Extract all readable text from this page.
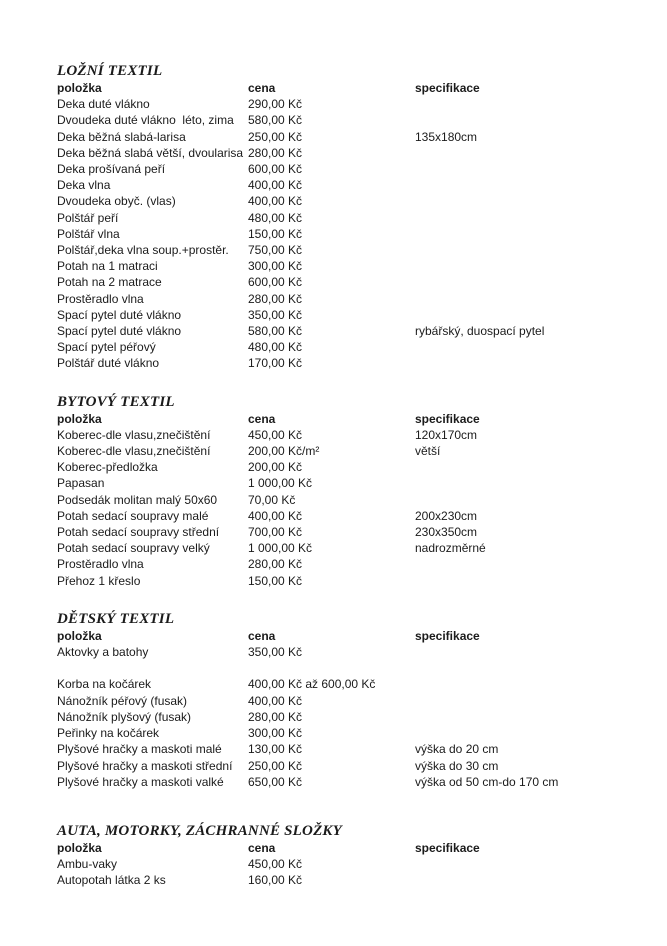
LOŽNÍ TEXTIL
položka	cena	specifikace
Deka duté vlákno	290,00 Kč
Dvoudeka duté vlákno  léto, zima	580,00 Kč
Deka běžná slabá-larisa	250,00 Kč	135x180cm
Deka běžná slabá větší, dvoularisa 280,00 Kč
Deka prošívaná peří	600,00 Kč
Deka vlna	400,00 Kč
Dvoudeka obyč. (vlas)	400,00 Kč
Polštář peří	480,00 Kč
Polštář vlna	150,00 Kč
Polštář,deka vlna soup.+prostěr.	750,00 Kč
Potah na 1 matraci	300,00 Kč
Potah na 2 matrace	600,00 Kč
Prostěradlo vlna	280,00 Kč
Spací pytel duté vlákno	350,00 Kč
Spací pytel duté vlákno	580,00 Kč	rybářský, duospací pytel
Spací pytel péřový	480,00 Kč
Polštář duté vlákno	170,00 Kč
BYTOVÝ TEXTIL
položka	cena	specifikace
Koberec-dle vlasu,znečištění	450,00 Kč	120x170cm
Koberec-dle vlasu,znečištění	200,00 Kč/m²	větší
Koberec-předložka	200,00 Kč
Papasan	1 000,00 Kč
Podsedák molitan malý 50x60	70,00 Kč
Potah sedací soupravy malé	400,00 Kč	200x230cm
Potah sedací soupravy střední	700,00 Kč	230x350cm
Potah sedací soupravy velký	1 000,00 Kč	nadrozměrné
Prostěradlo vlna	280,00 Kč
Přehoz 1 křeslo	150,00 Kč
DĚTSKÝ TEXTIL
položka	cena	specifikace
Aktovky a batohy	350,00 Kč
Korba na kočárek	400,00 Kč až 600,00 Kč
Nánožník péřový (fusak)	400,00 Kč
Nánožník plyšový (fusak)	280,00 Kč
Peřinky na kočárek	300,00 Kč
Plyšové hračky a maskoti malé	130,00 Kč	výška do 20 cm
Plyšové hračky a maskoti střední	250,00 Kč	výška do 30 cm
Plyšové hračky a maskoti valké	650,00 Kč	výška od 50 cm-do 170 cm
AUTA, MOTORKY, ZÁCHRANNÉ SLOŽKY
položka	cena	specifikace
Ambu-vaky	450,00 Kč
Autopotah látka 2 ks	160,00 Kč
